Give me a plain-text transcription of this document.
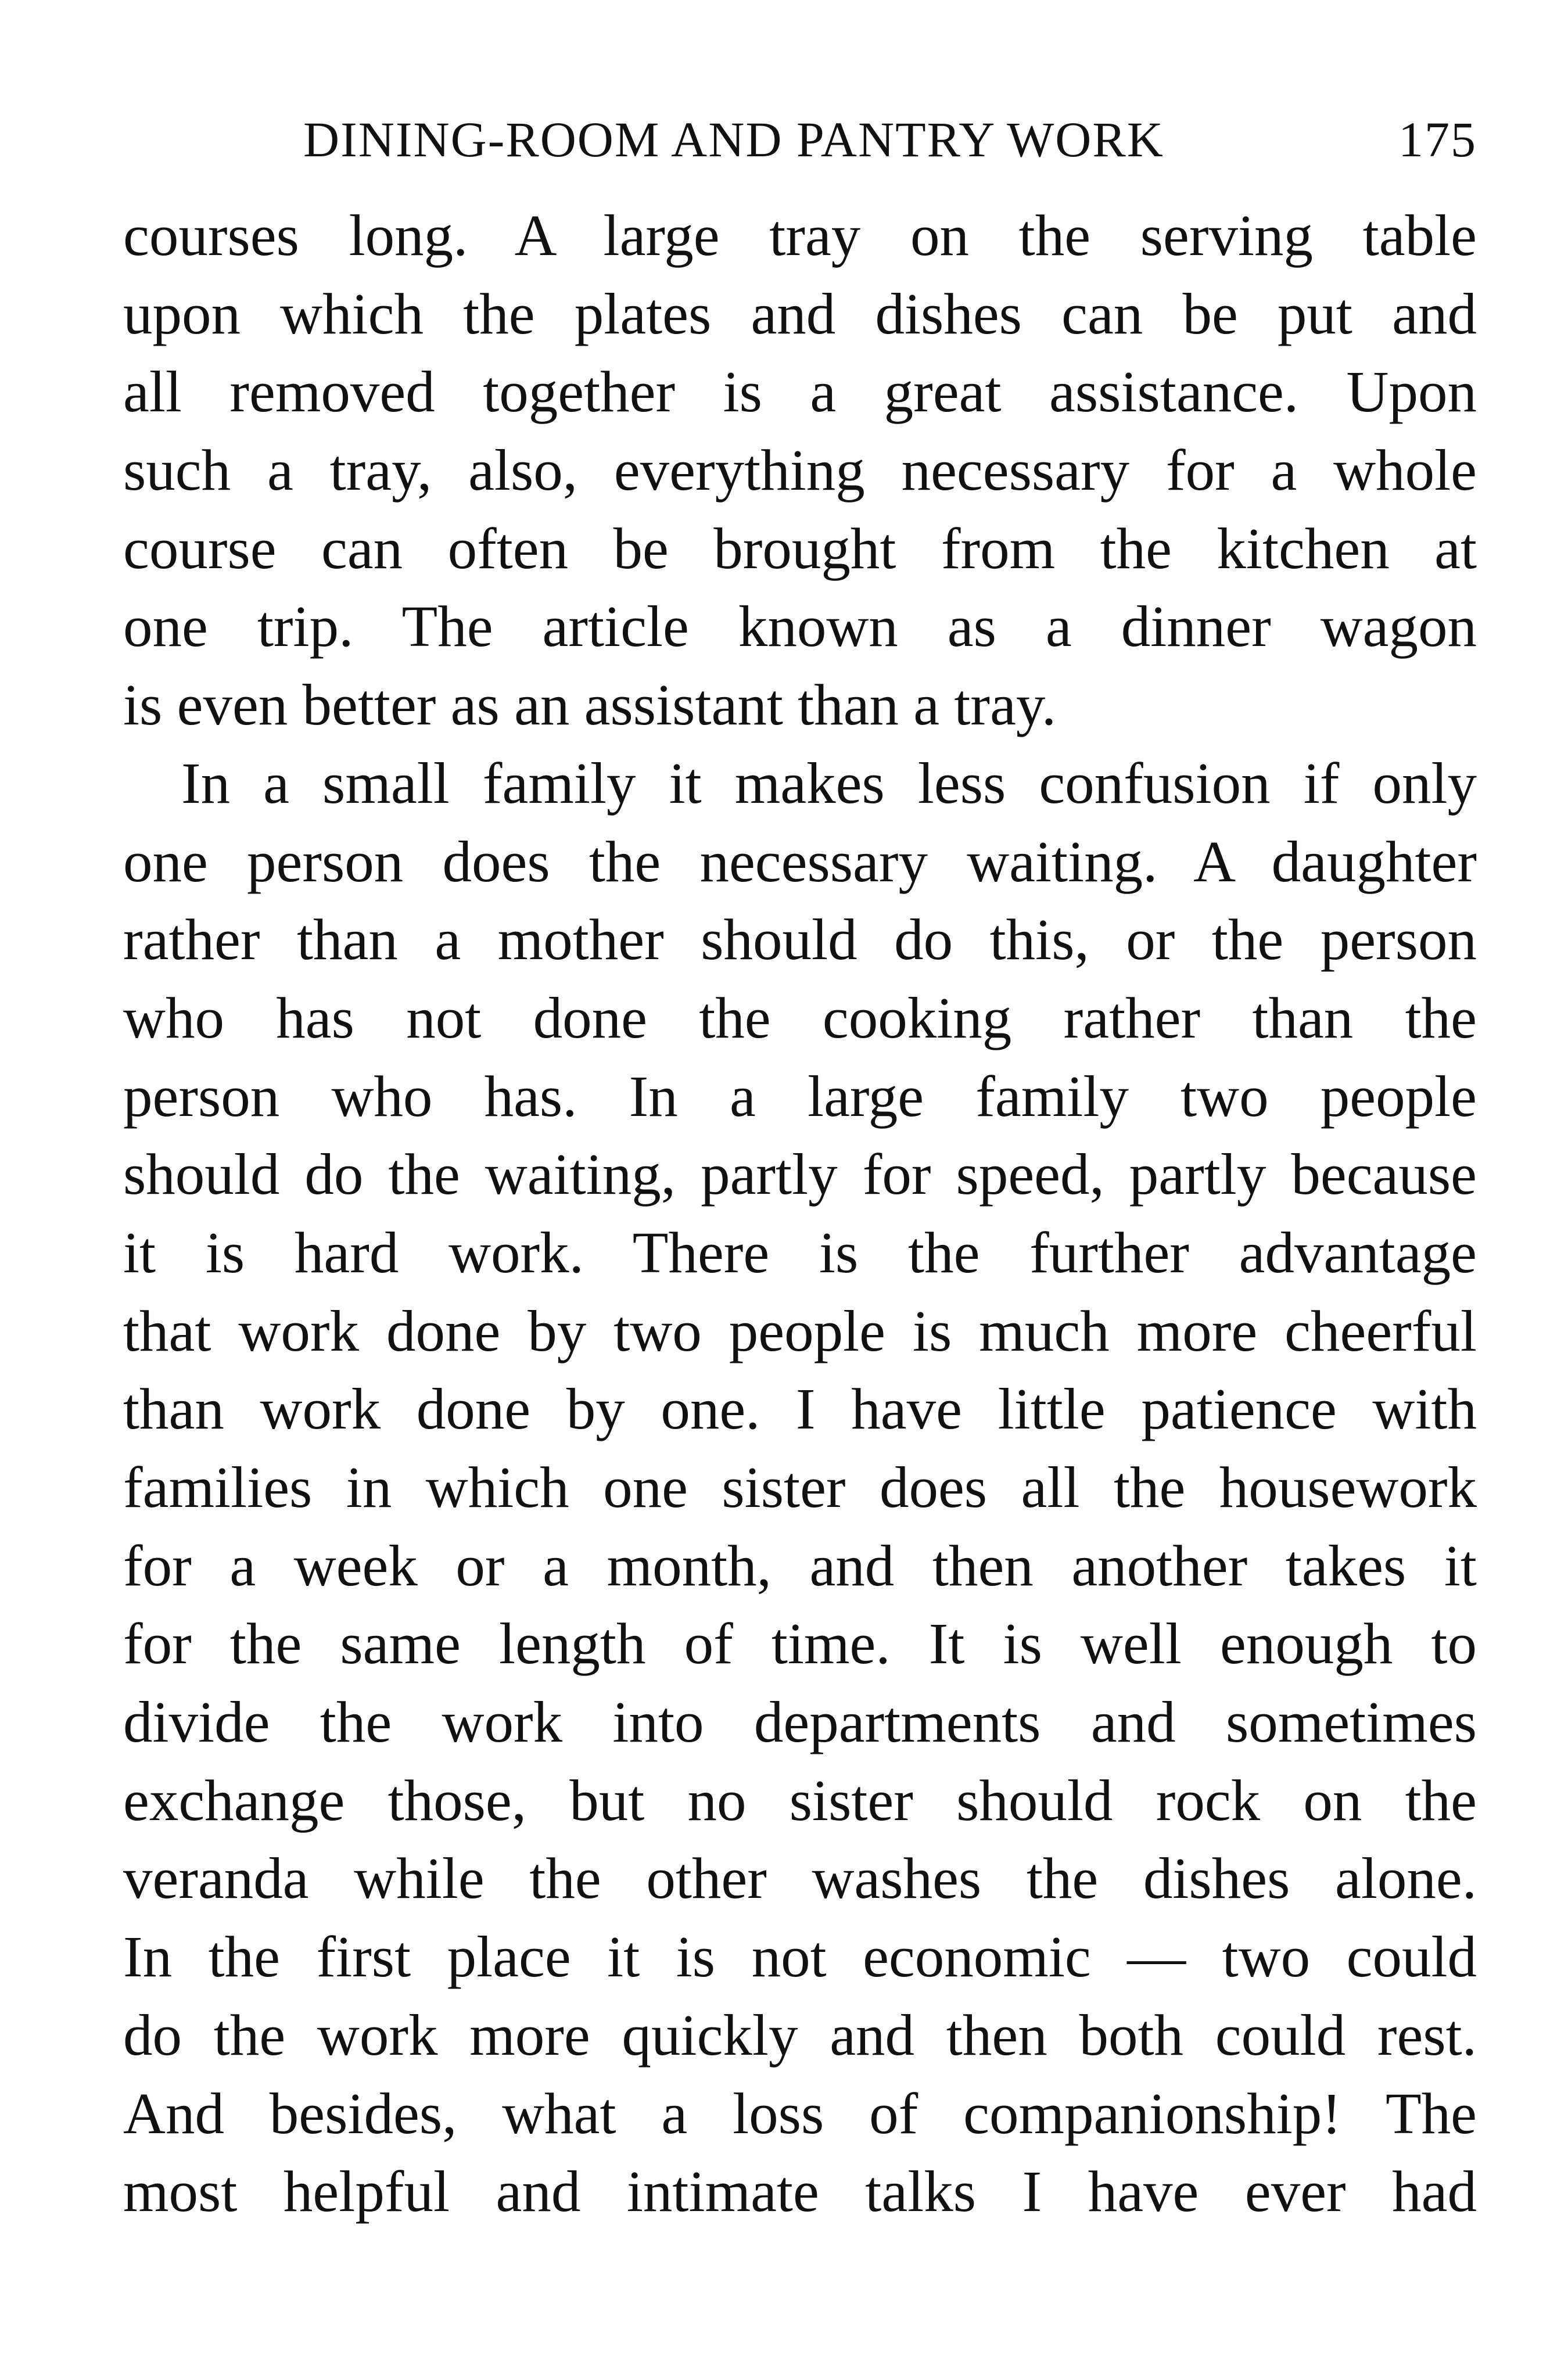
DINING-ROOM AND PANTRY WORK	175
courses long. A large tray on the serving table
upon which the plates and dishes can be put and
all removed together is a great assistance. Upon
such a tray, also, everything necessary for a whole
course can often be brought from the kitchen at
one trip. The article known as a dinner wagon
is even better as an assistant than a tray.
In a small family it makes less confusion if only
one person does the necessary waiting. A daughter
rather than a mother should do this, or the person
who has not done the cooking rather than the
person who has. In a large family two people
should do the waiting, partly for speed, partly because
it is hard work. There is the further advantage
that work done by two people is much more cheerful
than work done by one. I have little patience with
families in which one sister does all the housework
for a week or a month, and then another takes it
for the same length of time. It is well enough to
divide the work into departments and sometimes
exchange those, but no sister should rock on the
veranda while the other washes the dishes alone.
In the first place it is not economic — two could
do the work more quickly and then both could rest.
And besides, what a loss of companionship! The
most helpful and intimate talks I have ever had
